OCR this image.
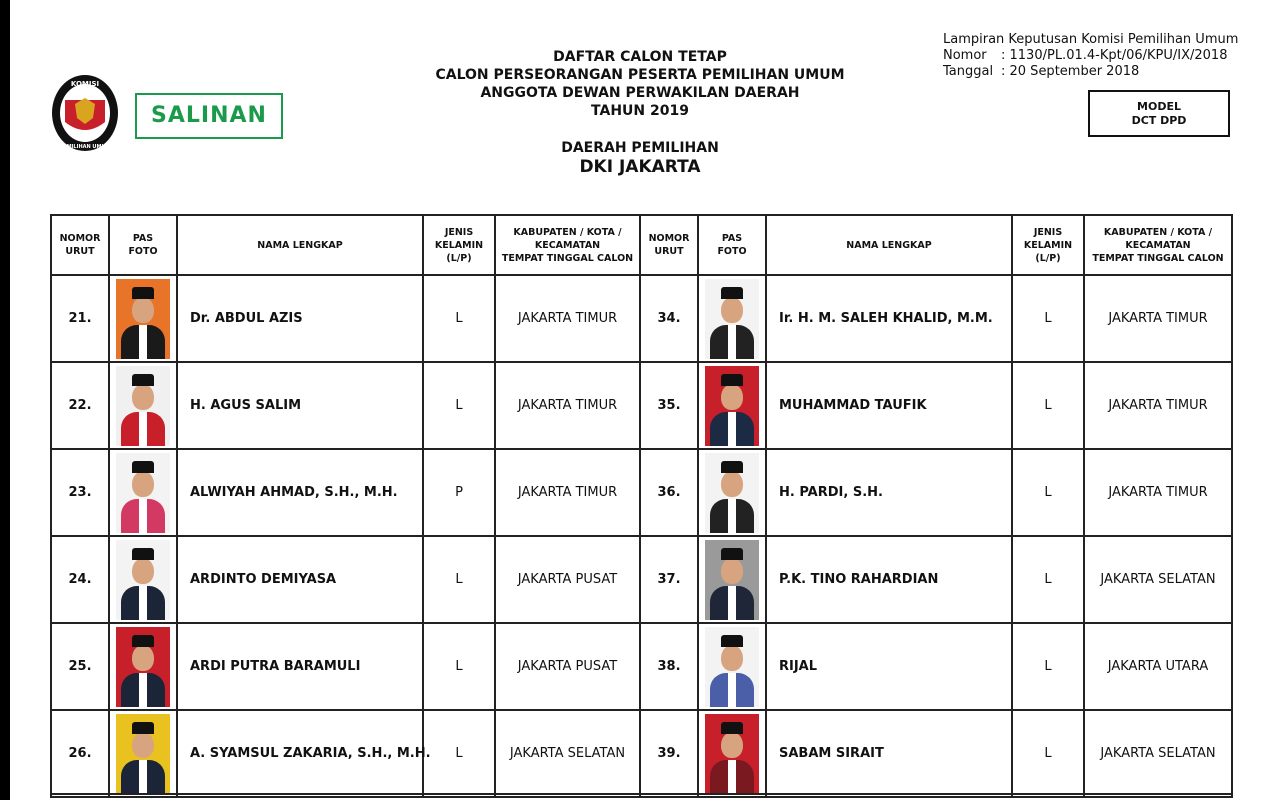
KOMISI
PEMILIHAN UMUM
SALINAN
DAFTAR CALON TETAP
CALON PERSEORANGAN PESERTA PEMILIHAN UMUM
ANGGOTA DEWAN PERWAKILAN DAERAH
TAHUN 2019
DAERAH PEMILIHAN
DKI JAKARTA
Lampiran Keputusan Komisi Pemilihan Umum
Nomor : 1130/PL.01.4-Kpt/06/KPU/IX/2018
Tanggal : 20 September 2018
MODEL
DCT DPD
NOMOR
URUT	PAS
FOTO	NAMA LENGKAP	JENIS
KELAMIN
(L/P)	KABUPATEN / KOTA /
KECAMATAN
TEMPAT TINGGAL CALON	NOMOR
URUT	PAS
FOTO	NAMA LENGKAP	JENIS
KELAMIN
(L/P)	KABUPATEN / KOTA /
KECAMATAN
TEMPAT TINGGAL CALON
21.		Dr. ABDUL AZIS	L	JAKARTA TIMUR	34.		Ir. H. M. SALEH KHALID, M.M.	L	JAKARTA TIMUR
22.		H. AGUS SALIM	L	JAKARTA TIMUR	35.		MUHAMMAD TAUFIK	L	JAKARTA TIMUR
23.		ALWIYAH AHMAD, S.H., M.H.	P	JAKARTA TIMUR	36.		H. PARDI, S.H.	L	JAKARTA TIMUR
24.		ARDINTO DEMIYASA	L	JAKARTA PUSAT	37.		P.K. TINO RAHARDIAN	L	JAKARTA SELATAN
25.		ARDI PUTRA BARAMULI	L	JAKARTA PUSAT	38.		RIJAL	L	JAKARTA UTARA
26.		A. SYAMSUL ZAKARIA, S.H., M.H.	L	JAKARTA SELATAN	39.		SABAM SIRAIT	L	JAKARTA SELATAN
